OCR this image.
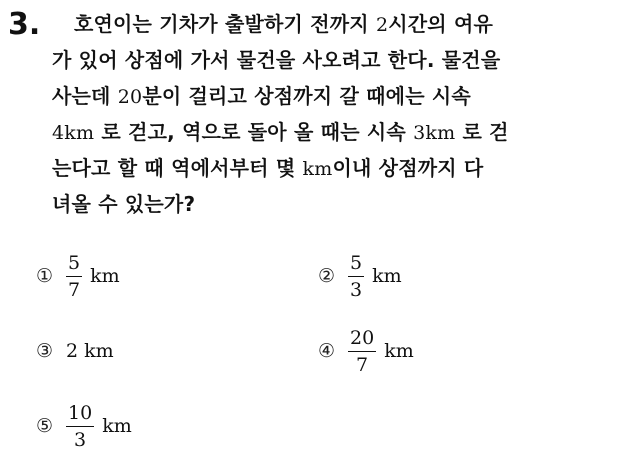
3.	호연이는 기차가 출발하기 전까지 2시간의 여유
가 있어 상점에 가서 물건을 사오려고 한다. 물건을
사는데 20분이 걸리고 상점까지 갈 때에는 시속
4km 로 걷고, 역으로 돌아 올 때는 시속 3km 로 걷
는다고 할 때 역에서부터 몇 km이내 상점까지 다
녀올 수 있는가?
① $\frac{5}{7}$ km	② $\frac{5}{3}$ km
③ 2 km	④ $\frac{20}{7}$ km
⑤ $\frac{10}{3}$ km
